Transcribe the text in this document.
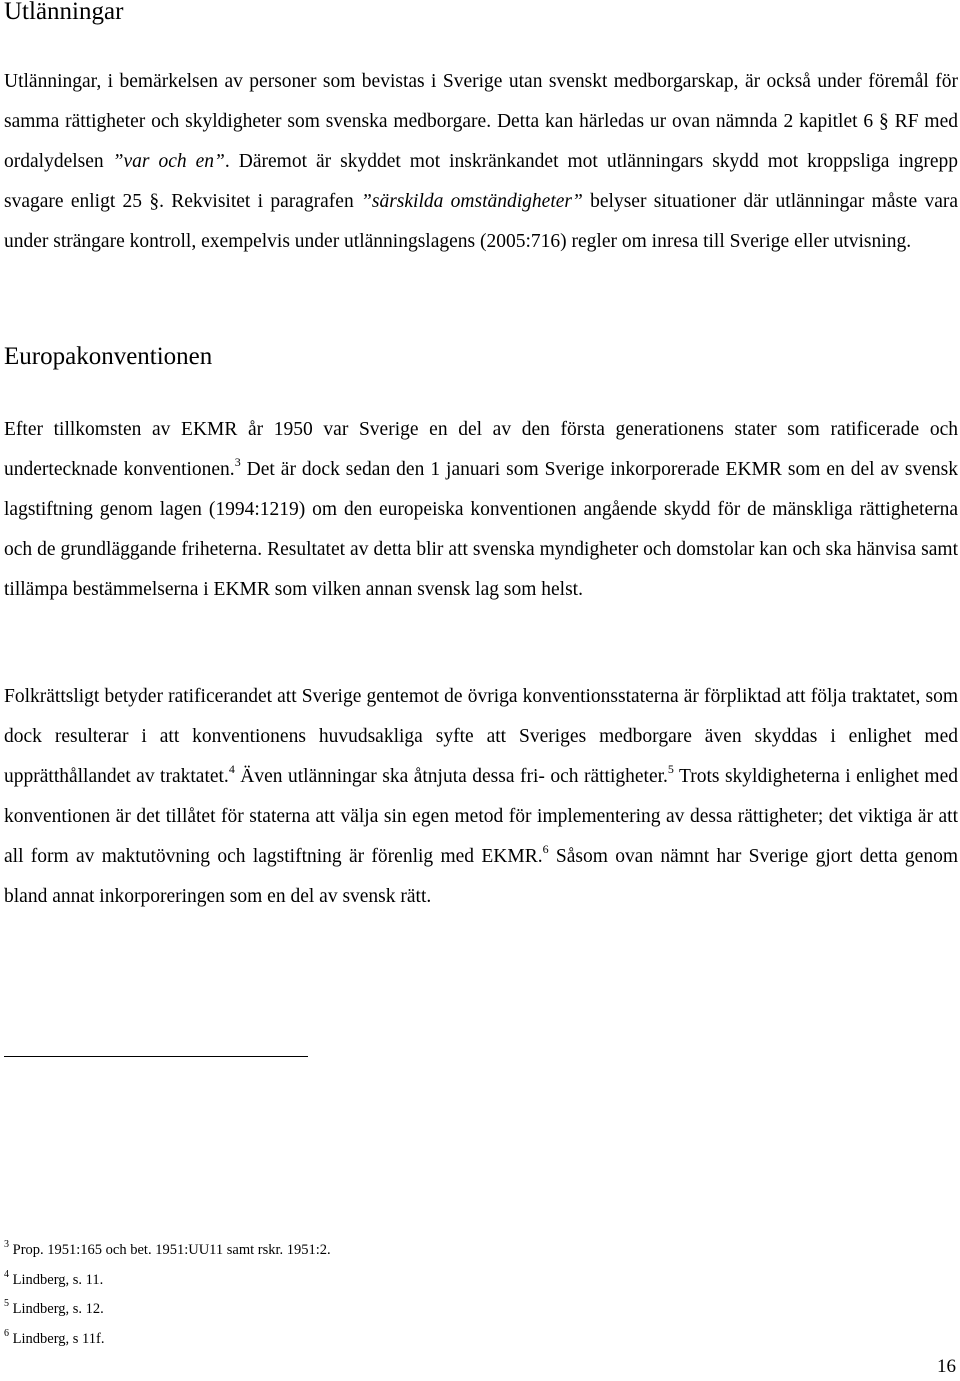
Utlänningar

Utlänningar, i bemärkelsen av personer som bevistas i Sverige utan svenskt medborgarskap, är också under föremål för samma rättigheter och skyldigheter som svenska medborgare. Detta kan härledas ur ovan nämnda 2 kapitlet 6 § RF med ordalydelsen ”var och en”. Däremot är skyddet mot inskränkandet mot utlänningars skydd mot kroppsliga ingrepp svagare enligt 25 §. Rekvisitet i paragrafen ”särskilda omständigheter” belyser situationer där utlänningar måste vara under strängare kontroll, exempelvis under utlänningslagens (2005:716) regler om inresa till Sverige eller utvisning.

Europakonventionen

Efter tillkomsten av EKMR år 1950 var Sverige en del av den första generationens stater som ratificerade och undertecknade konventionen.$^3$ Det är dock sedan den 1 januari som Sverige inkorporerade EKMR som en del av svensk lagstiftning genom lagen (1994:1219) om den europeiska konventionen angående skydd för de mänskliga rättigheterna och de grundläggande friheterna. Resultatet av detta blir att svenska myndigheter och domstolar kan och ska hänvisa samt tillämpa bestämmelserna i EKMR som vilken annan svensk lag som helst.

Folkrättsligt betyder ratificerandet att Sverige gentemot de övriga konventionsstaterna är förpliktad att följa traktatet, som dock resulterar i att konventionens huvudsakliga syfte att Sveriges medborgare även skyddas i enlighet med upprätthållandet av traktatet.$^4$ Även utlänningar ska åtnjuta dessa fri- och rättigheter.$^5$ Trots skyldigheterna i enlighet med konventionen är det tillåtet för staterna att välja sin egen metod för implementering av dessa rättigheter; det viktiga är att all form av maktutövning och lagstiftning är förenlig med EKMR.$^6$ Såsom ovan nämnt har Sverige gjort detta genom bland annat inkorporeringen som en del av svensk rätt.

$^3$ Prop. 1951:165 och bet. 1951:UU11 samt rskr. 1951:2.
$^4$ Lindberg, s. 11.
$^5$ Lindberg, s. 12.
$^6$ Lindberg, s 11f.
16
